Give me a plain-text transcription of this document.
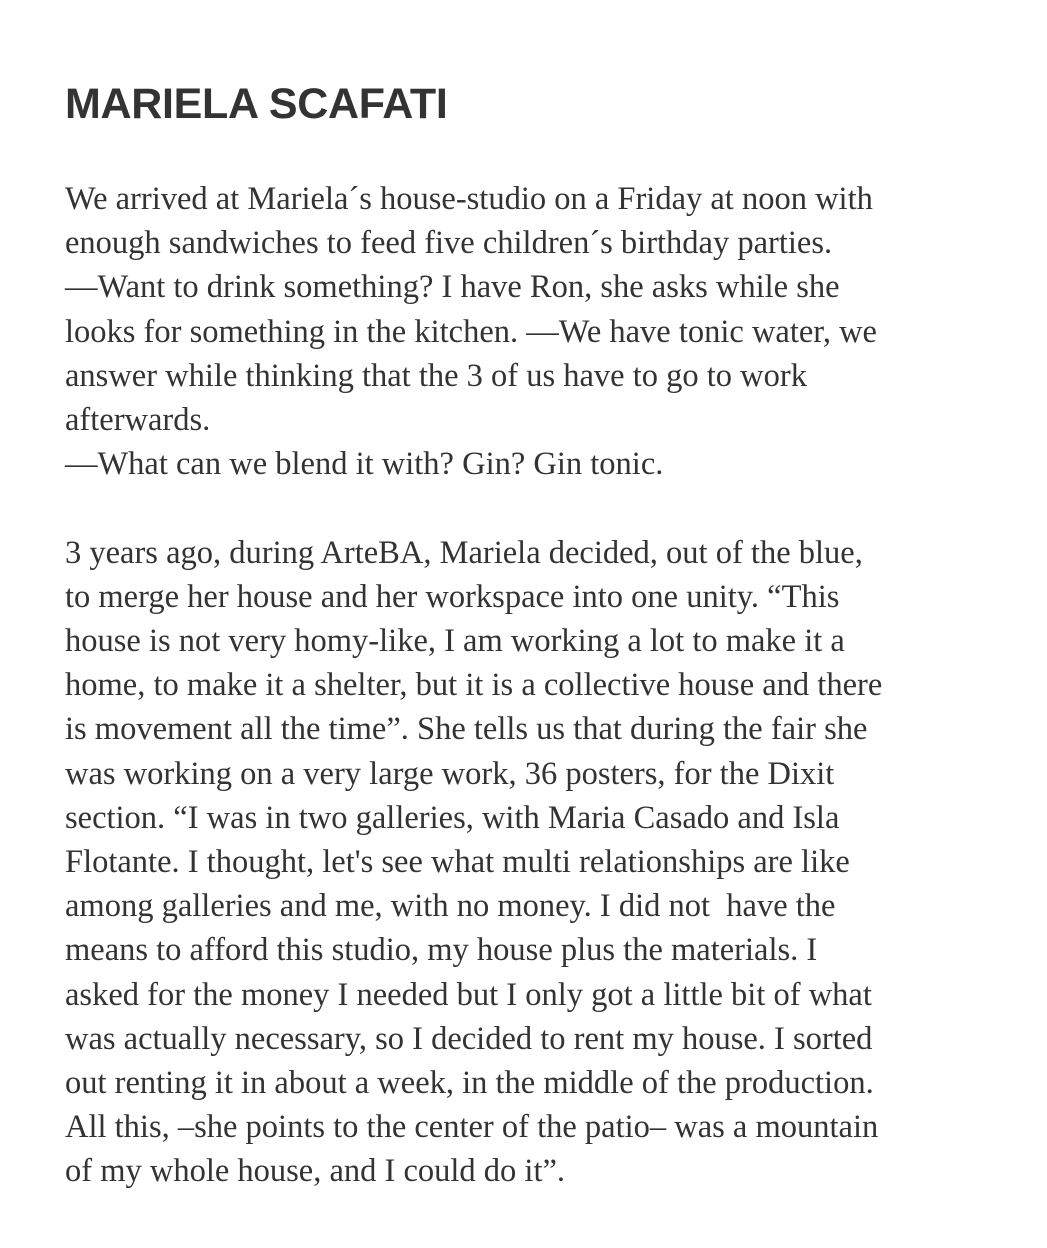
MARIELA SCAFATI
We arrived at Mariela´s house-studio on a Friday at noon with
enough sandwiches to feed five children´s birthday parties.
—Want to drink something? I have Ron, she asks while she
looks for something in the kitchen. —We have tonic water, we
answer while thinking that the 3 of us have to go to work
afterwards.
—What can we blend it with? Gin? Gin tonic.
3 years ago, during ArteBA, Mariela decided, out of the blue,
to merge her house and her workspace into one unity. “This
house is not very homy-like, I am working a lot to make it a
home, to make it a shelter, but it is a collective house and there
is movement all the time”. She tells us that during the fair she
was working on a very large work, 36 posters, for the Dixit
section. “I was in two galleries, with Maria Casado and Isla
Flotante. I thought, let's see what multi relationships are like
among galleries and me, with no money. I did not  have the
means to afford this studio, my house plus the materials. I
asked for the money I needed but I only got a little bit of what
was actually necessary, so I decided to rent my house. I sorted
out renting it in about a week, in the middle of the production.
All this, –she points to the center of the patio– was a mountain
of my whole house, and I could do it”.
